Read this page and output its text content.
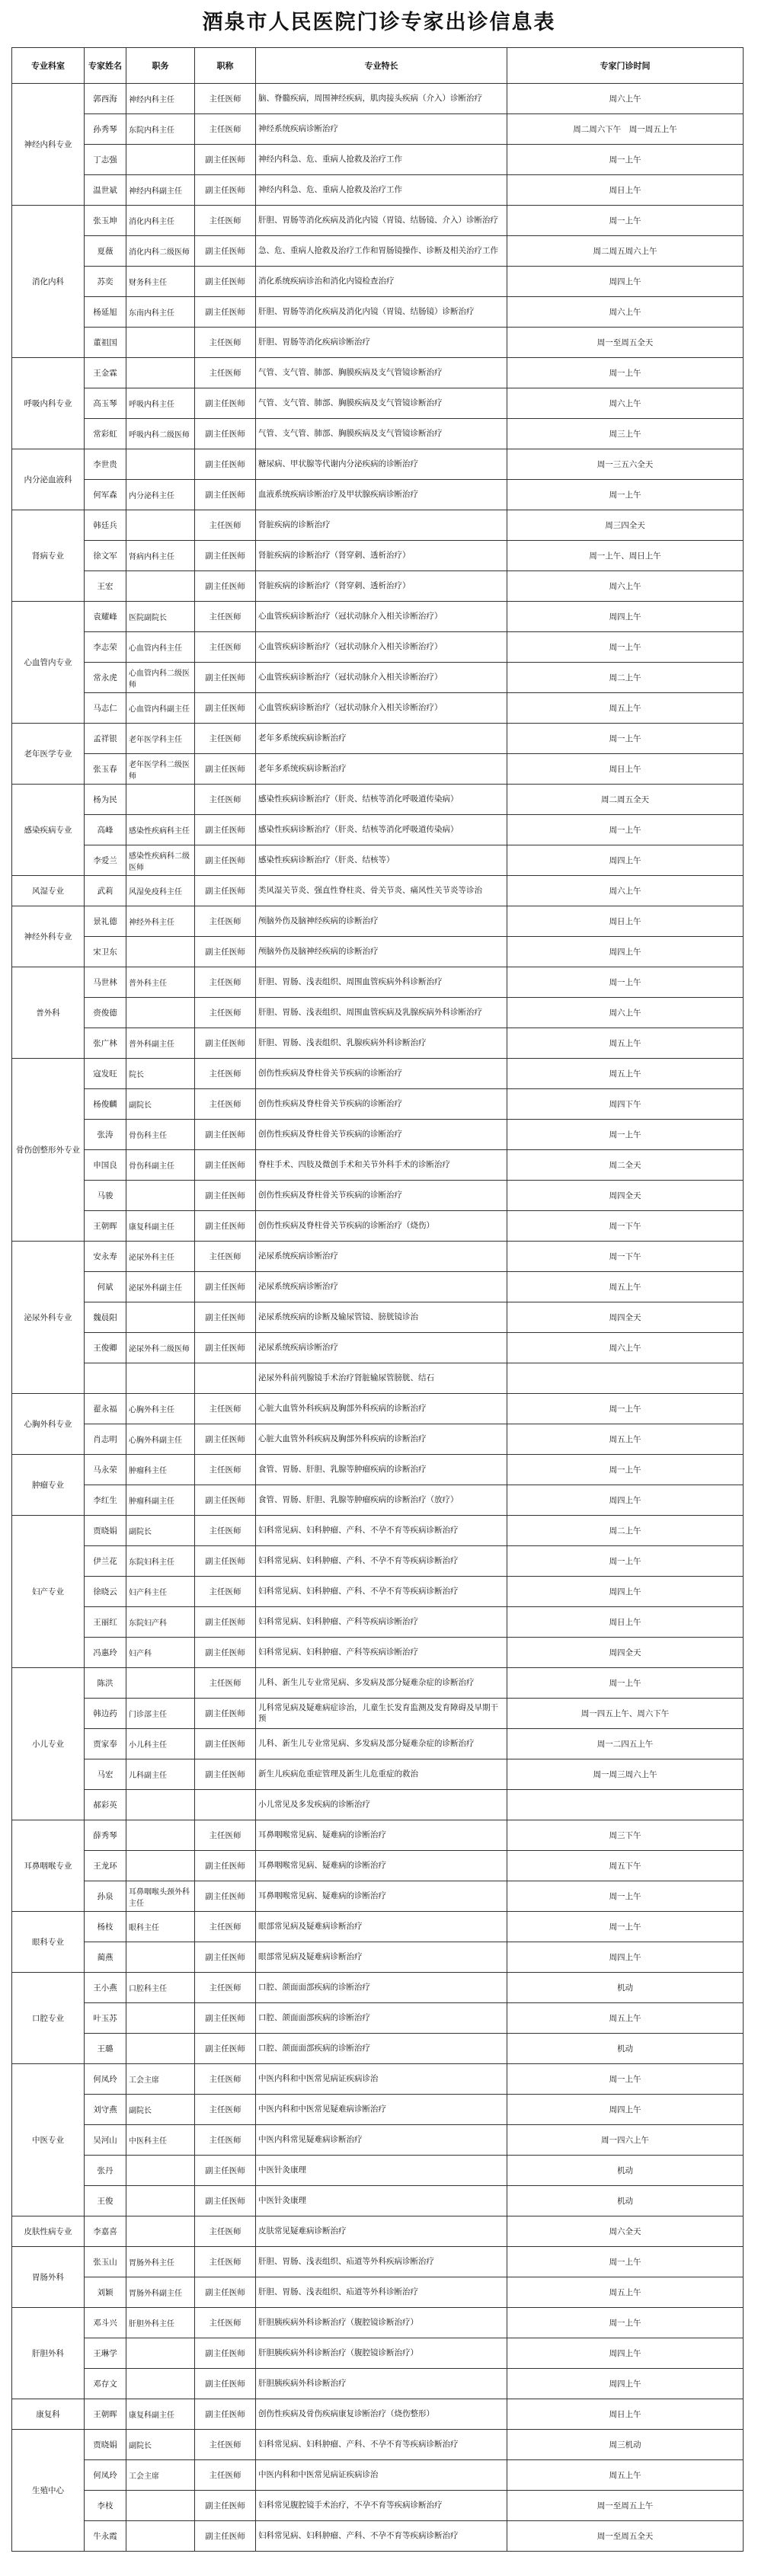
酒泉市人民医院门诊专家出诊信息表
专业科室	专家姓名	职务	职称	专业特长	专家门诊时间
神经内科专业	郭西海	神经内科主任	主任医师	脑、脊髓疾病，周围神经疾病，肌肉接头疾病（介入）诊断治疗	周六上午
	孙秀琴	东院内科主任	主任医师	神经系统疾病诊断治疗	周二周六下午　周一周五上午
	丁志强		副主任医师	神经内科急、危、重病人抢救及治疗工作	周一上午
	温世斌	神经内科副主任	副主任医师	神经内科急、危、重病人抢救及治疗工作	周日上午
消化内科	张玉坤	消化内科主任	主任医师	肝胆、胃肠等消化疾病及消化内镜（胃镜、结肠镜、介入）诊断治疗	周一上午
	夏薇	消化内科二级医师	副主任医师	急、危、重病人抢救及治疗工作和胃肠镜操作、诊断及相关治疗工作	周二周五周六上午
	苏奕	财务科主任	副主任医师	消化系统疾病诊治和消化内镜检查治疗	周四上午
	杨延旭	东南内科主任	副主任医师	肝胆、胃肠等消化疾病及消化内镜（胃镜、结肠镜）诊断治疗	周六上午
	董祖国		主任医师	肝胆、胃肠等消化疾病诊断治疗	周一至周五全天
呼吸内科专业	王金霖		主任医师	气管、支气管、肺部、胸膜疾病及支气管镜诊断治疗	周一上午
	高玉琴	呼吸内科主任	副主任医师	气管、支气管、肺部、胸膜疾病及支气管镜诊断治疗	周六上午
	常彩虹	呼吸内科二级医师	副主任医师	气管、支气管、肺部、胸膜疾病及支气管镜诊断治疗	周三上午
内分泌血液科	李世贵		副主任医师	糖尿病、甲状腺等代谢内分泌疾病的诊断治疗	周一三五六全天
	何军森	内分泌科主任	副主任医师	血液系统疾病诊断治疗及甲状腺疾病诊断治疗	周一上午
肾病专业	韩廷兵		主任医师	肾脏疾病的诊断治疗	周三四全天
	徐文军	肾病内科主任	副主任医师	肾脏疾病的诊断治疗（肾穿刺、透析治疗）	周一上午、周日上午
	王宏		副主任医师	肾脏疾病的诊断治疗（肾穿刺、透析治疗）	周六上午
心血管内专业	袁耀峰	医院副院长	主任医师	心血管疾病诊断治疗（冠状动脉介入相关诊断治疗）	周四上午
	李志荣	心血管内科主任	主任医师	心血管疾病诊断治疗（冠状动脉介入相关诊断治疗）	周一上午
	常永虎	心血管内科二级医师	副主任医师	心血管疾病诊断治疗（冠状动脉介入相关诊断治疗）	周二上午
	马志仁	心血管内科副主任	副主任医师	心血管疾病诊断治疗（冠状动脉介入相关诊断治疗）	周五上午
老年医学专业	孟祥银	老年医学科主任	主任医师	老年多系统疾病诊断治疗	周一上午
	张玉春	老年医学科二级医师	副主任医师	老年多系统疾病诊断治疗	周日上午
感染疾病专业	杨为民		主任医师	感染性疾病诊断治疗（肝炎、结核等消化呼吸道传染病）	周二周五全天
	高峰	感染性疾病科主任	副主任医师	感染性疾病诊断治疗（肝炎、结核等消化呼吸道传染病）	周一上午
	李爱兰	感染性疾病科二级医师	副主任医师	感染性疾病诊断治疗（肝炎、结核等）	周四上午
风湿专业	武莉	风湿免疫科主任	副主任医师	类风湿关节炎、强直性脊柱炎、骨关节炎、痛风性关节炎等诊治	周六上午
神经外科专业	景礼德	神经外科主任	主任医师	颅脑外伤及脑神经疾病的诊断治疗	周日上午
	宋卫东		副主任医师	颅脑外伤及脑神经疾病的诊断治疗	周四上午
普外科	马世林	普外科主任	主任医师	肝胆、胃肠、浅表组织、周围血管疾病外科诊断治疗	周一上午
	赍俊德		主任医师	肝胆、胃肠、浅表组织、周围血管疾病及乳腺疾病外科诊断治疗	周六上午
	张广林	普外科副主任	副主任医师	肝胆、胃肠、浅表组织、乳腺疾病外科诊断治疗	周五上午
骨伤创整形外专业	寇发旺	院长	主任医师	创伤性疾病及脊柱骨关节疾病的诊断治疗	周五上午
	杨俊麟	副院长	主任医师	创伤性疾病及脊柱骨关节疾病的诊断治疗	周四下午
	张涛	骨伤科主任	副主任医师	创伤性疾病及脊柱骨关节疾病的诊断治疗	周一上午
	申国良	骨伤科副主任	副主任医师	脊柱手术、四肢及微创手术和关节外科手术的诊断治疗	周二全天
	马骏		副主任医师	创伤性疾病及脊柱骨关节疾病的诊断治疗	周四全天
	王朝晖	康复科副主任	副主任医师	创伤性疾病及脊柱骨关节疾病的诊断治疗（烧伤）	周一下午
泌尿外科专业	安永寿	泌尿外科主任	主任医师	泌尿系统疾病诊断治疗	周一下午
	何斌	泌尿外科副主任	副主任医师	泌尿系统疾病诊断治疗	周五上午
	魏晨阳		副主任医师	泌尿系统疾病的诊断及输尿管镜、膀胱镜诊治	周四全天
	王俊卿	泌尿外科二级医师	副主任医师	泌尿系统疾病诊断治疗	周六上午
				泌尿外科前列腺镜手术治疗肾脏输尿管膀胱、结石	
心胸外科专业	翟永福	心胸外科主任	主任医师	心脏大血管外科疾病及胸部外科疾病的诊断治疗	周一上午
	肖志明	心胸外科副主任	副主任医师	心脏大血管外科疾病及胸部外科疾病的诊断治疗	周五上午
肿瘤专业	马永荣	肿瘤科主任	主任医师	食管、胃肠、肝胆、乳腺等肿瘤疾病的诊断治疗	周一上午
	李红生	肿瘤科副主任	副主任医师	食管、胃肠、肝胆、乳腺等肿瘤疾病的诊断治疗（放疗）	周四上午
妇产专业	贾晓娟	副院长	主任医师	妇科常见病、妇科肿瘤、产科、不孕不育等疾病诊断治疗	周二上午
	伊兰花	东院妇科主任	副主任医师	妇科常见病、妇科肿瘤、产科、不孕不育等疾病诊断治疗	周一上午
	徐晓云	妇产科主任	主任医师	妇科常见病、妇科肿瘤、产科、不孕不育等疾病诊断治疗	周四上午
	王丽红	东院妇产科	副主任医师	妇科常见病、妇科肿瘤、产科等疾病诊断治疗	周日上午
	冯惠玲	妇产科	副主任医师	妇科常见病、妇科肿瘤、产科等疾病诊断治疗	周四全天
小儿专业	陈洪		主任医师	儿科、新生儿专业常见病、多发病及部分疑难杂症的诊断治疗	周一上午
	韩边药	门诊部主任	副主任医师	儿科常见病及疑难病症诊治，儿童生长发育监测及发育障碍及早期干预	周一四五上午、周六下午
	贾家奉	小儿科主任	副主任医师	儿科、新生儿专业常见病、多发病及部分疑难杂症的诊断治疗	周一二四五上午
	马宏	儿科副主任	副主任医师	新生儿疾病危重症管理及新生儿危重症的救治	周一周三周六上午
	郝彩英			小儿常见及多发疾病的诊断治疗	
耳鼻咽喉专业	薛秀琴		主任医师	耳鼻咽喉常见病、疑难病的诊断治疗	周三下午
	王龙环		副主任医师	耳鼻咽喉常见病、疑难病的诊断治疗	周五下午
	孙泉	耳鼻咽喉头颈外科主任	副主任医师	耳鼻咽喉常见病、疑难病的诊断治疗	周一上午
眼科专业	杨枝	眼科主任	主任医师	眼部常见病及疑难病诊断治疗	周一上午
	蔺燕		副主任医师	眼部常见病及疑难病诊断治疗	周四上午
口腔专业	王小燕	口腔科主任	主任医师	口腔、颌面面部疾病的诊断治疗	机动
	叶玉苏		副主任医师	口腔、颌面面部疾病的诊断治疗	周五上午
	王璐		副主任医师	口腔、颌面面部疾病的诊断治疗	机动
中医专业	何凤玲	工会主席	主任医师	中医内科和中医常见病证疾病诊治	周一上午
	刘守燕	副院长	主任医师	中医内科和中医常见疑难病诊断治疗	周四上午
	吴河山	中医科主任	主任医师	中医内科常见疑难病诊断治疗	周一四六上午
	张丹		副主任医师	中医针灸康理	机动
	王俊		副主任医师	中医针灸康理	机动
皮肤性病专业	李嘉喜		主任医师	皮肤常见疑难病诊断治疗	周六全天
胃肠外科	张玉山	胃肠外科主任	主任医师	肝胆、胃肠、浅表组织、疝道等外科疾病诊断治疗	周一上午
	刘颖	胃肠外科副主任	副主任医师	肝胆、胃肠、浅表组织、疝道等外科诊断治疗	周五上午
肝胆外科	邓斗兴	肝胆外科主任	主任医师	肝胆胰疾病外科诊断治疗（腹腔镜诊断治疗）	周一上午
	王琳学		副主任医师	肝胆胰疾病外科诊断治疗（腹腔镜诊断治疗）	周四上午
	邓存文		副主任医师	肝胆胰疾病外科诊断治疗	周四上午
康复科	王朝晖	康复科副主任	副主任医师	创伤性疾病及骨伤疾病康复诊断治疗（烧伤整形）	周日上午
生殖中心	贾晓娟	副院长	主任医师	妇科常见病、妇科肿瘤、产科、不孕不育等疾病诊断治疗	周三机动
	何凤玲	工会主席	主任医师	中医内科和中医常见病证疾病诊治	周五上午
	李枝		副主任医师	妇科常见腹腔镜手术治疗，不孕不育等疾病诊断治疗	周一至周五上午
	牛永霞		副主任医师	妇科常见病、妇科肿瘤、产科、不孕不育等疾病诊断治疗	周一至周五全天
